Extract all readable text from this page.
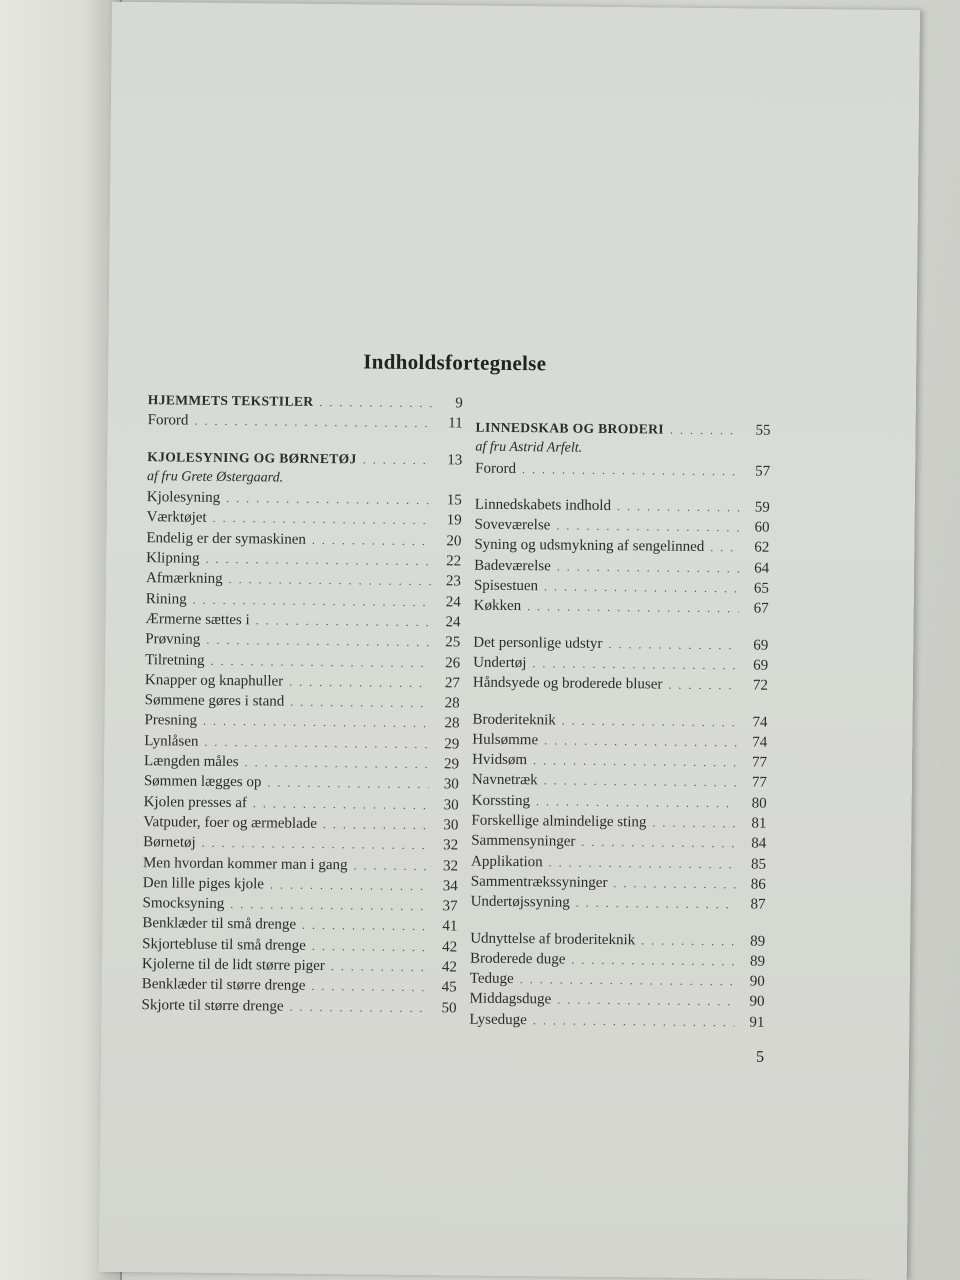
Indholdsfortegnelse
HJEMMETS TEKSTILER . . .	9
Forord . . .	11
KJOLESYNING OG BØRNETØJ . . .	13
af fru Grete Østergaard.
Kjolesyning . . .	15
Værktøjet . . .	19
Endelig er der symaskinen . . .	20
Klipning . . .	22
Afmærkning . . .	23
Rining . . .	24
Ærmerne sættes i . . .	24
Prøvning . . .	25
Tilretning . . .	26
Knapper og knaphuller . . .	27
Sømmene gøres i stand . . .	28
Presning . . .	28
Lynlåsen . . .	29
Længden måles . . .	29
Sømmen lægges op . . .	30
Kjolen presses af . . .	30
Vatpuder, foer og ærmeblade . . .	30
Børnetøj . . .	32
Men hvordan kommer man i gang . . .	32
Den lille piges kjole . . .	34
Smocksyning . . .	37
Benklæder til små drenge . . .	41
Skjortebluse til små drenge . . .	42
Kjolerne til de lidt større piger . . .	42
Benklæder til større drenge . . .	45
Skjorte til større drenge . . .	50
LINNEDSKAB OG BRODERI . . .	55
af fru Astrid Arfelt.
Forord . . .	57
Linnedskabets indhold . . .	59
Soveværelse . . .	60
Syning og udsmykning af sengelinned . . .	62
Badeværelse . . .	64
Spisestuen . . .	65
Køkken . . .	67
Det personlige udstyr . . .	69
Undertøj . . .	69
Håndsyede og broderede bluser . . .	72
Broderiteknik . . .	74
Hulsømme . . .	74
Hvidsøm . . .	77
Navnetræk . . .	77
Korssting . . .	80
Forskellige almindelige sting . . .	81
Sammensyninger . . .	84
Applikation . . .	85
Sammentrækssyninger . . .	86
Undertøjssyning . . .	87
Udnyttelse af broderiteknik . . .	89
Broderede duge . . .	89
Teduge . . .	90
Middagsduge . . .	90
Lyseduge . . .	91
5
